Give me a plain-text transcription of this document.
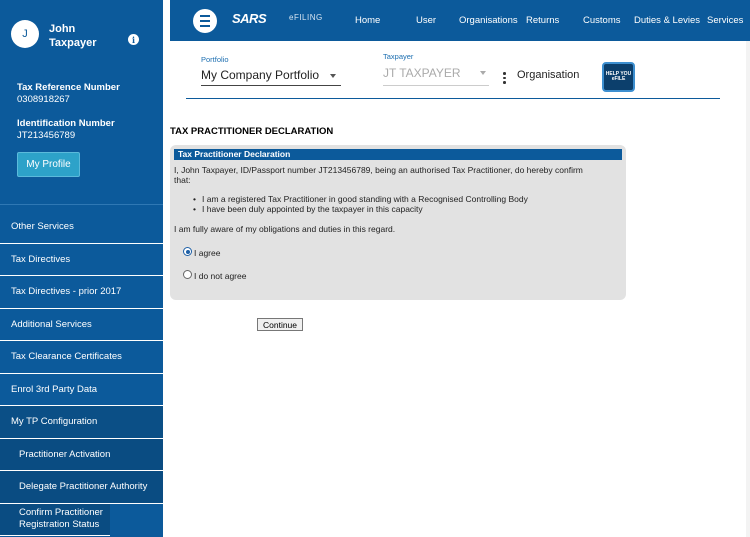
J	John Taxpayer	i
Tax Reference Number
0308918267
Identification Number
JT213456789
My Profile
Other Services
Tax Directives
Tax Directives - prior 2017
Additional Services
Tax Clearance Certificates
Enrol 3rd Party Data
My TP Configuration
Practitioner Activation
Delegate Practitioner Authority
Confirm Practitioner Registration Status
SARS	eFILING	Home	User Organisations Returns Customs Duties & Levies Services
Portfolio
My Company Portfolio
Taxpayer
JT TAXPAYER	Organisation	HELP YOU eFILE
TAX PRACTITIONER DECLARATION
Tax Practitioner Declaration
I, John Taxpayer, ID/Passport number JT213456789, being an authorised Tax Practitioner, do hereby confirm
that:
• I am a registered Tax Practitioner in good standing with a Recognised Controlling Body
• I have been duly appointed by the taxpayer in this capacity
I am fully aware of my obligations and duties in this regard.
I agree
I do not agree
Continue
